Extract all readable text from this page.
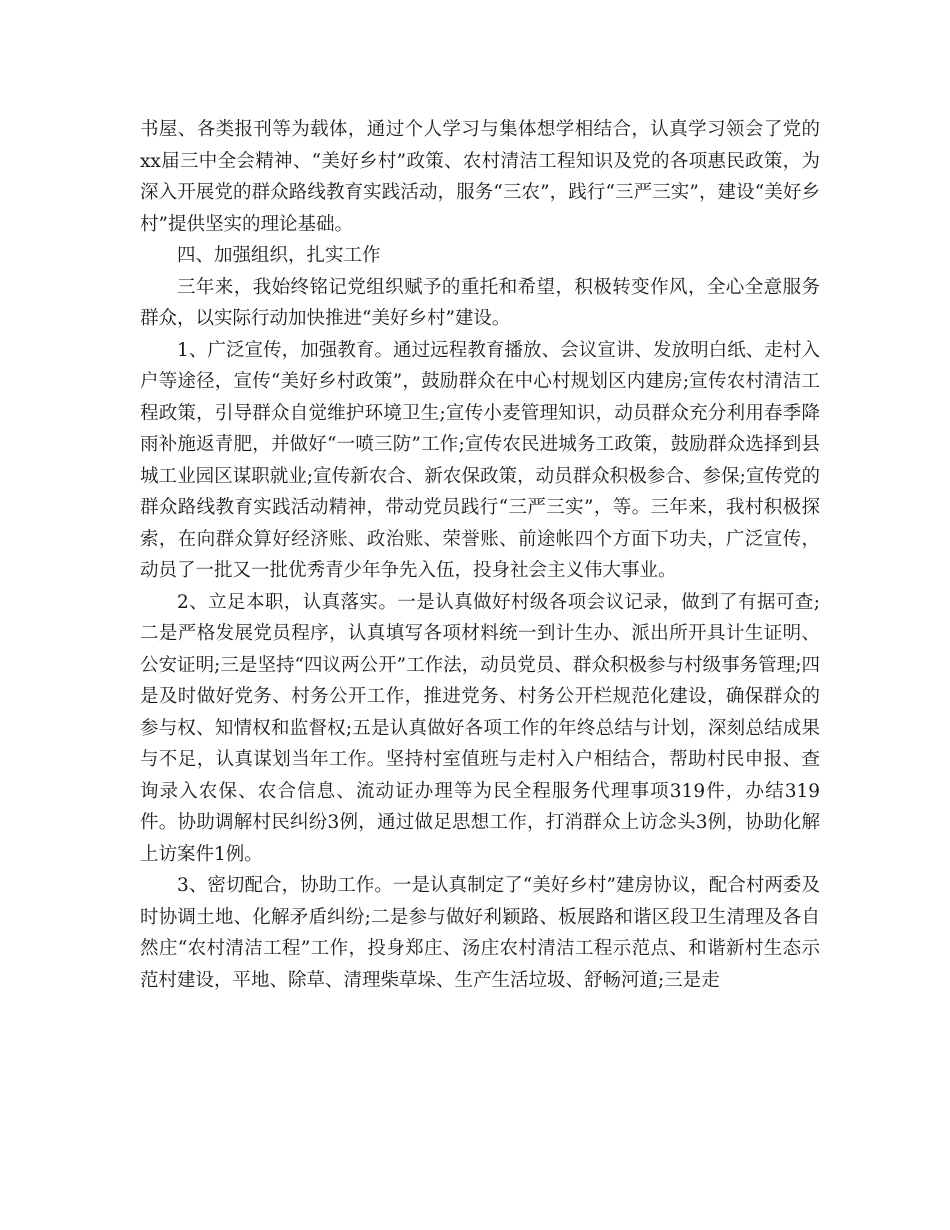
书屋、各类报刊等为载体，通过个人学习与集体想学相结合，认真学习领会了党的xx届三中全会精神、“美好乡村”政策、农村清洁工程知识及党的各项惠民政策，为深入开展党的群众路线教育实践活动，服务“三农”，践行“三严三实”，建设“美好乡村”提供坚实的理论基础。

四、加强组织，扎实工作

三年来，我始终铭记党组织赋予的重托和希望，积极转变作风，全心全意服务群众，以实际行动加快推进“美好乡村”建设。

1、广泛宣传，加强教育。通过远程教育播放、会议宣讲、发放明白纸、走村入户等途径，宣传“美好乡村政策”，鼓励群众在中心村规划区内建房;宣传农村清洁工程政策，引导群众自觉维护环境卫生;宣传小麦管理知识，动员群众充分利用春季降雨补施返青肥，并做好“一喷三防”工作;宣传农民进城务工政策，鼓励群众选择到县城工业园区谋职就业;宣传新农合、新农保政策，动员群众积极参合、参保;宣传党的群众路线教育实践活动精神，带动党员践行“三严三实”，等。三年来，我村积极探索，在向群众算好经济账、政治账、荣誉账、前途帐四个方面下功夫，广泛宣传，动员了一批又一批优秀青少年争先入伍，投身社会主义伟大事业。

2、立足本职，认真落实。一是认真做好村级各项会议记录，做到了有据可查;二是严格发展党员程序，认真填写各项材料统一到计生办、派出所开具计生证明、公安证明;三是坚持“四议两公开”工作法，动员党员、群众积极参与村级事务管理;四是及时做好党务、村务公开工作，推进党务、村务公开栏规范化建设，确保群众的参与权、知情权和监督权;五是认真做好各项工作的年终总结与计划，深刻总结成果与不足，认真谋划当年工作。坚持村室值班与走村入户相结合，帮助村民申报、查询录入农保、农合信息、流动证办理等为民全程服务代理事项319件，办结319件。协助调解村民纠纷3例，通过做足思想工作，打消群众上访念头3例，协助化解上访案件1例。

3、密切配合，协助工作。一是认真制定了“美好乡村”建房协议，配合村两委及时协调土地、化解矛盾纠纷;二是参与做好利颖路、板展路和谐区段卫生清理及各自然庄“农村清洁工程”工作，投身郑庄、汤庄农村清洁工程示范点、和谐新村生态示范村建设，平地、除草、清理柴草垛、生产生活垃圾、舒畅河道;三是走
